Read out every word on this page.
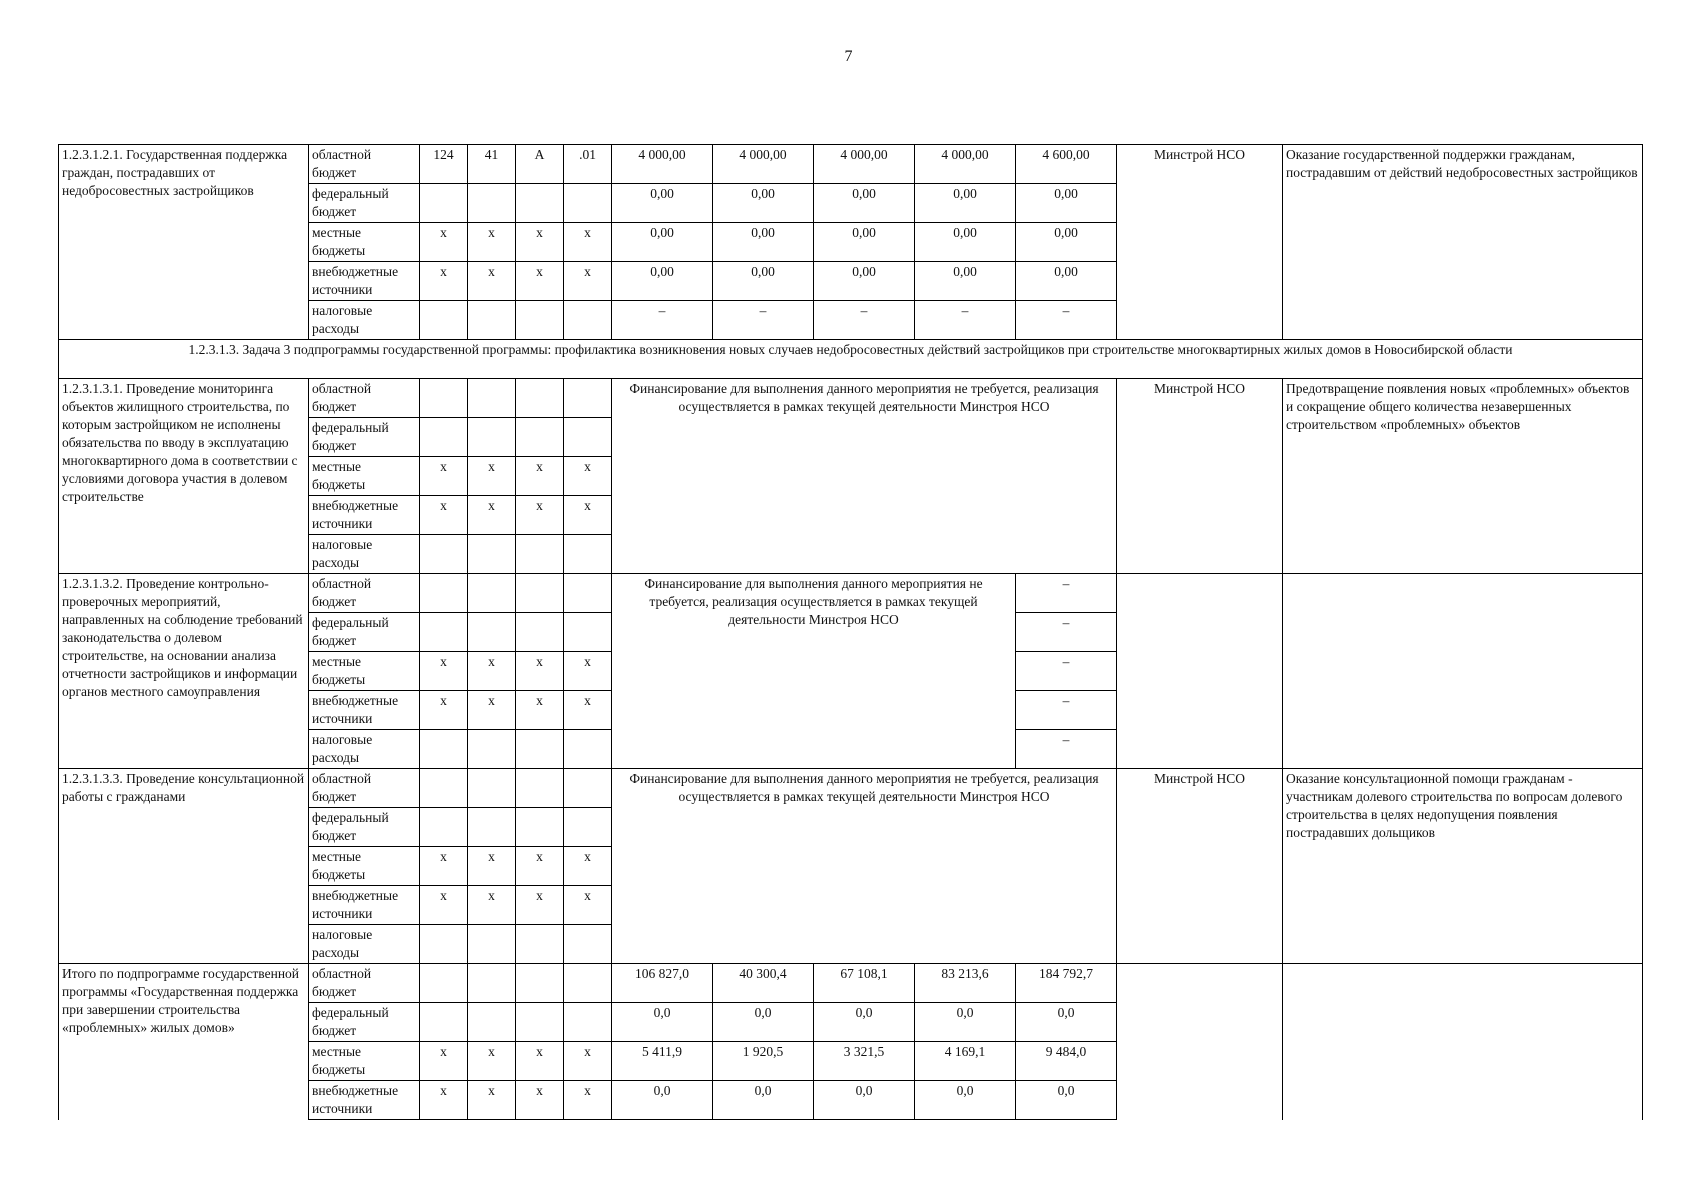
7
1.2.3.1.2.1. Государственная поддержка граждан, пострадавших от недобросовестных застройщиков	областной бюджет	124	41	А	.01	4 000,00	4 000,00	4 000,00	4 000,00	4 600,00	Минстрой НСО	Оказание государственной поддержки гражданам, пострадавшим от действий недобросовестных застройщиков
	федеральный бюджет					0,00	0,00	0,00	0,00	0,00		
	местные бюджеты	х	х	х	х	0,00	0,00	0,00	0,00	0,00		
	внебюджетные источники	х	х	х	х	0,00	0,00	0,00	0,00	0,00		
	налоговые расходы					–	–	–	–	–		
1.2.3.1.3. Задача 3 подпрограммы государственной программы: профилактика возникновения новых случаев недобросовестных действий застройщиков при строительстве многоквартирных жилых домов в Новосибирской области												
1.2.3.1.3.1. Проведение мониторинга объектов жилищного строительства, по которым застройщиком не исполнены обязательства по вводу в эксплуатацию многоквартирного дома в соответствии с условиями договора участия в долевом строительстве	областной бюджет					Финансирование для выполнения данного мероприятия не требуется, реализация осуществляется в рамках текущей деятельности Минстроя НСО					Минстрой НСО	Предотвращение появления новых «проблемных» объектов и сокращение общего количества незавершенных строительством «проблемных» объектов
	федеральный бюджет											
	местные бюджеты	х	х	х	х							
	внебюджетные источники	х	х	х	х							
	налоговые расходы											
1.2.3.1.3.2. Проведение контрольно-проверочных мероприятий, направленных на соблюдение требований законодательства о долевом строительстве, на основании анализа отчетности застройщиков и информации органов местного самоуправления	областной бюджет					Финансирование для выполнения данного мероприятия не требуется, реализация осуществляется в рамках текущей деятельности Минстроя НСО				–		
	федеральный бюджет									–		
	местные бюджеты	х	х	х	х					–		
	внебюджетные источники	х	х	х	х					–		
	налоговые расходы									–		
1.2.3.1.3.3. Проведение консультационной работы с гражданами	областной бюджет					Финансирование для выполнения данного мероприятия не требуется, реализация осуществляется в рамках текущей деятельности Минстроя НСО					Минстрой НСО	Оказание консультационной помощи гражданам - участникам долевого строительства по вопросам долевого строительства в целях недопущения появления пострадавших дольщиков
	федеральный бюджет											
	местные бюджеты	х	х	х	х							
	внебюджетные источники	х	х	х	х							
	налоговые расходы											
Итого по подпрограмме государственной программы «Государственная поддержка при завершении строительства «проблемных» жилых домов»	областной бюджет					106 827,0	40 300,4	67 108,1	83 213,6	184 792,7		
	федеральный бюджет					0,0	0,0	0,0	0,0	0,0		
	местные бюджеты	х	х	х	х	5 411,9	1 920,5	3 321,5	4 169,1	9 484,0		
	внебюджетные источники	х	х	х	х	0,0	0,0	0,0	0,0	0,0		
